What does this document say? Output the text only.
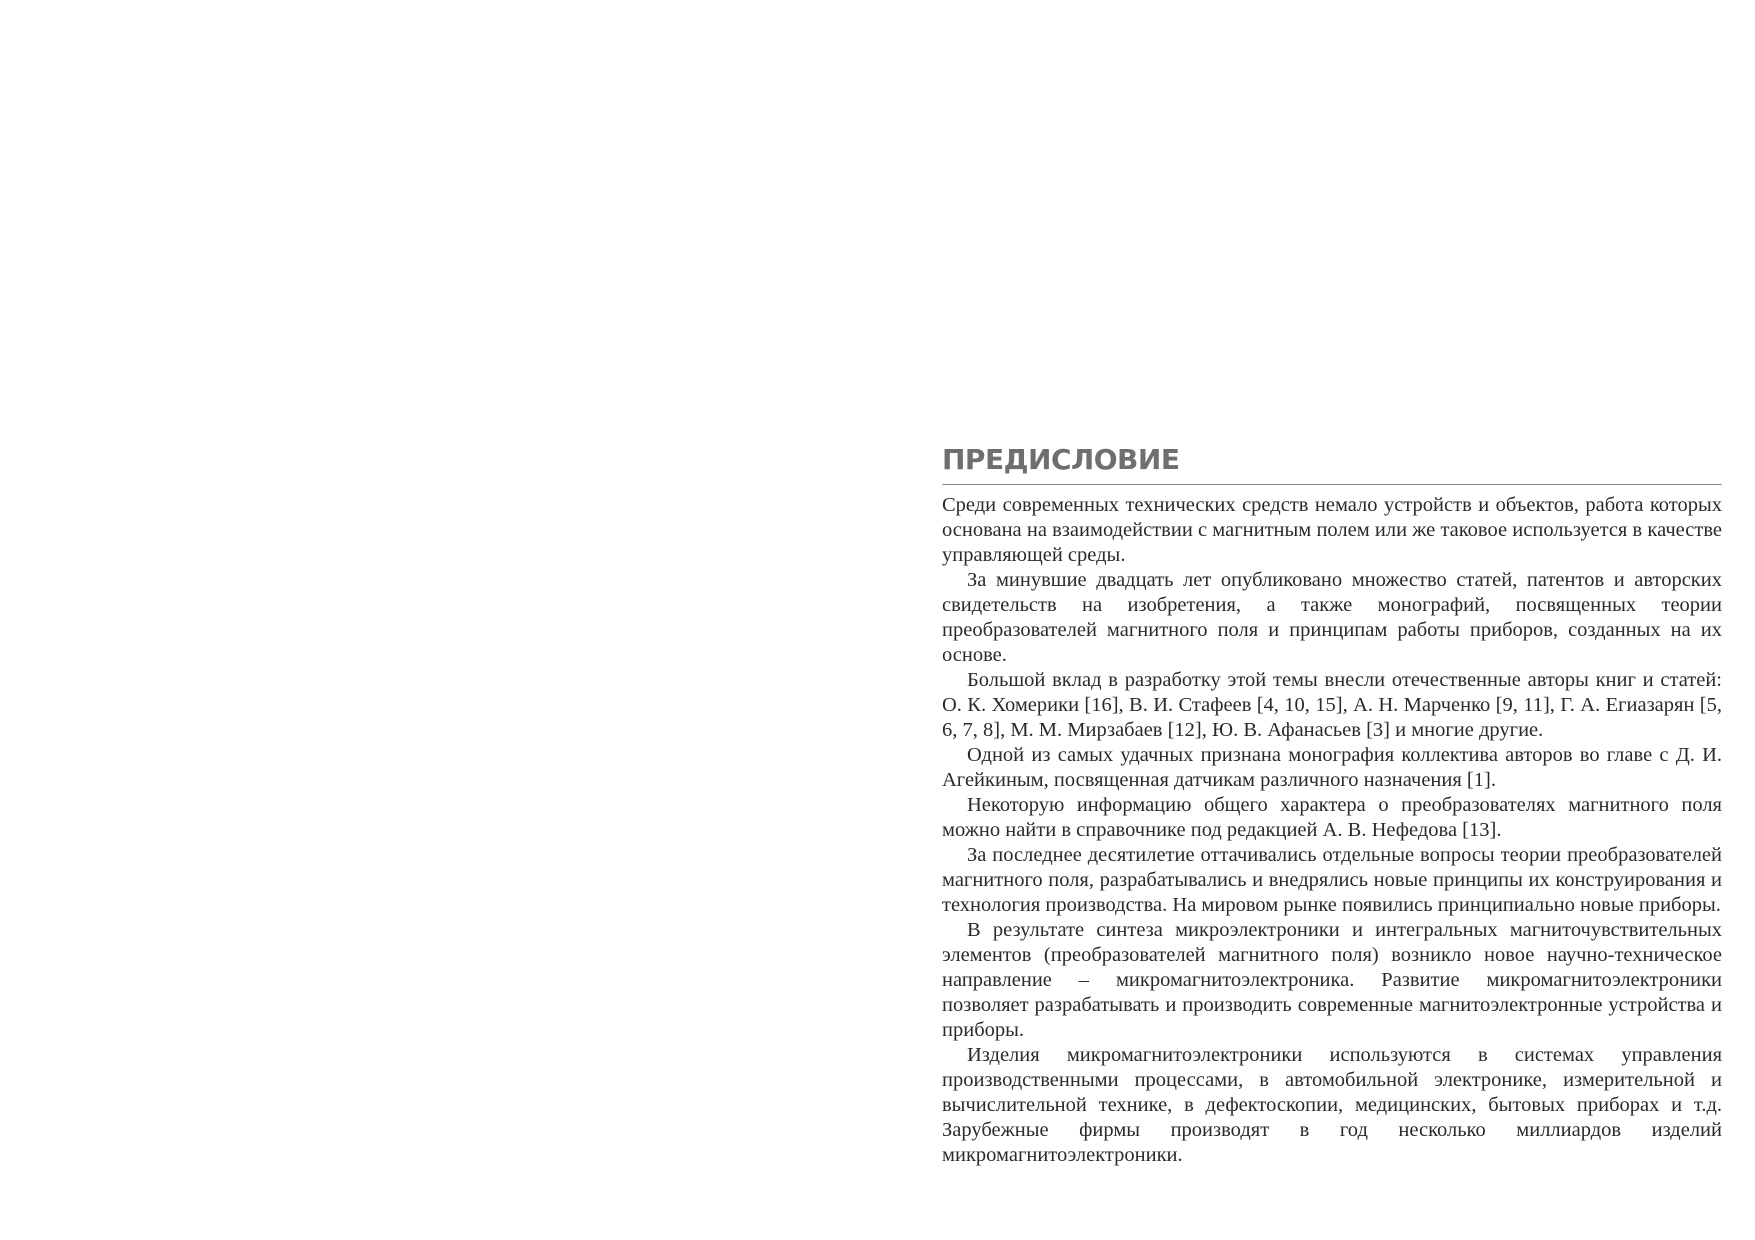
ПРЕДИСЛОВИЕ

Среди современных технических средств немало устройств и объектов, работа которых основана на взаимодействии с магнитным полем или же таковое используется в качестве управляющей среды.

За минувшие двадцать лет опубликовано множество статей, патентов и авторских свидетельств на изобретения, а также монографий, посвященных теории преобразователей магнитного поля и принципам работы приборов, созданных на их основе.

Большой вклад в разработку этой темы внесли отечественные авторы книг и статей: О. К. Хомерики [16], В. И. Стафеев [4, 10, 15], А. Н. Марченко [9, 11], Г. А. Егиазарян [5, 6, 7, 8], М. М. Мирзабаев [12], Ю. В. Афанасьев [3] и многие другие.

Одной из самых удачных признана монография коллектива авторов во главе с Д. И. Агейкиным, посвященная датчикам различного назначения [1].

Некоторую информацию общего характера о преобразователях магнитного поля можно найти в справочнике под редакцией А. В. Нефедова [13].

За последнее десятилетие оттачивались отдельные вопросы теории преобразователей магнитного поля, разрабатывались и внедрялись новые принципы их конструирования и технология производства. На мировом рынке появились принципиально новые приборы.

В результате синтеза микроэлектроники и интегральных магниточувствительных элементов (преобразователей магнитного поля) возникло новое научно-техническое направление – микромагнитоэлектроника. Развитие микромагнитоэлектроники позволяет разрабатывать и производить современные магнитоэлектронные устройства и приборы.

Изделия микромагнитоэлектроники используются в системах управления производственными процессами, в автомобильной электронике, измерительной и вычислительной технике, в дефектоскопии, медицинских, бытовых приборах и т.д. Зарубежные фирмы производят в год несколько миллиардов изделий микромагнитоэлектроники.
